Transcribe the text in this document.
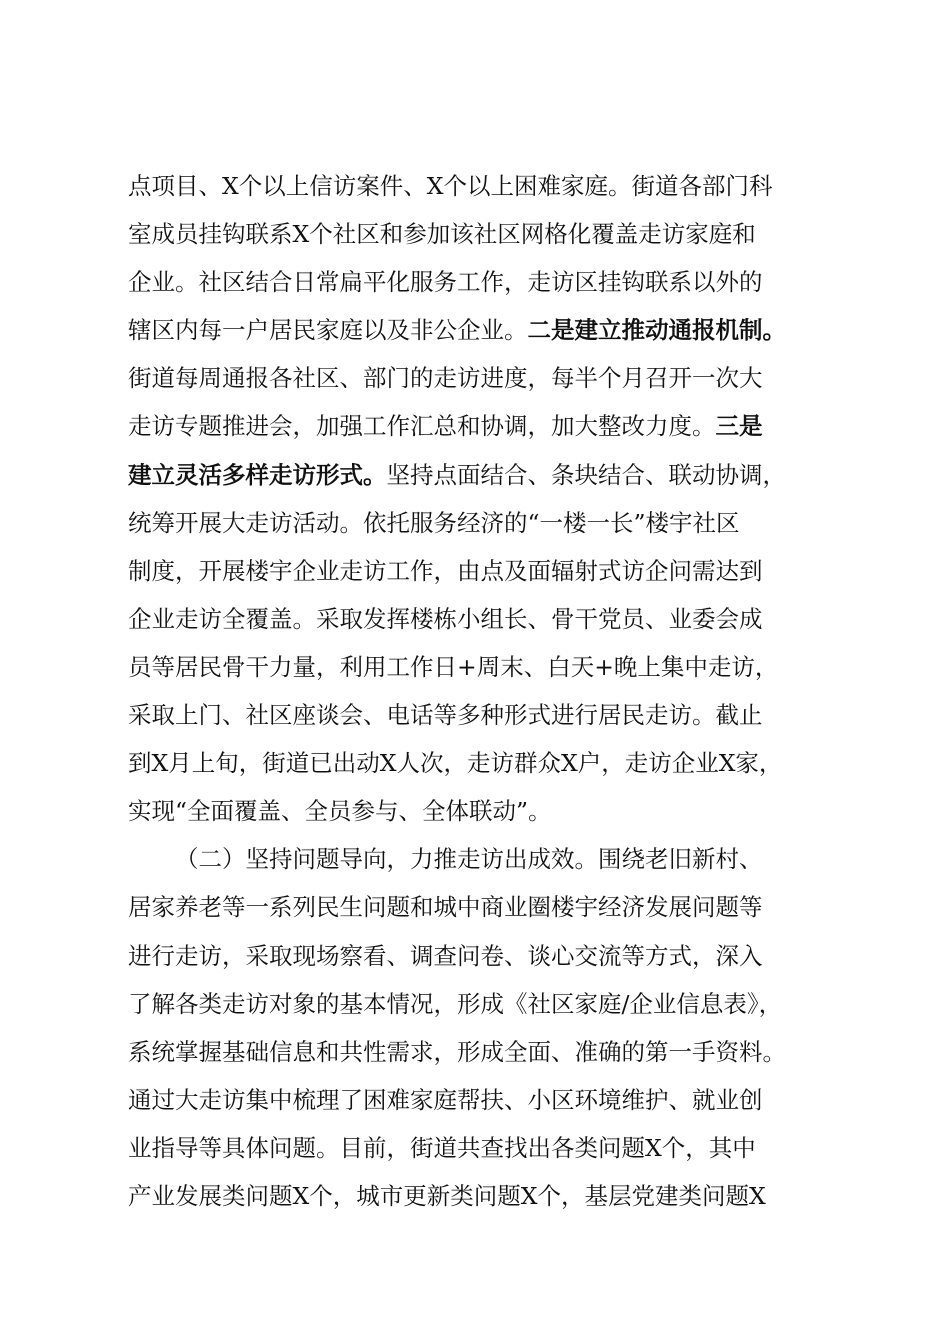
点项目、X个以上信访案件、X个以上困难家庭。街道各部门科
室成员挂钩联系X个社区和参加该社区网格化覆盖走访家庭和
企业。社区结合日常扁平化服务工作，走访区挂钩联系以外的
辖区内每一户居民家庭以及非公企业。二是建立推动通报机制。
街道每周通报各社区、部门的走访进度，每半个月召开一次大
走访专题推进会，加强工作汇总和协调，加大整改力度。三是
建立灵活多样走访形式。坚持点面结合、条块结合、联动协调，
统筹开展大走访活动。依托服务经济的“一楼一长”楼宇社区
制度，开展楼宇企业走访工作，由点及面辐射式访企问需达到
企业走访全覆盖。采取发挥楼栋小组长、骨干党员、业委会成
员等居民骨干力量，利用工作日+周末、白天+晚上集中走访，
采取上门、社区座谈会、电话等多种形式进行居民走访。截止
到X月上旬，街道已出动X人次，走访群众X户，走访企业X家，
实现“全面覆盖、全员参与、全体联动”。
（二）坚持问题导向，力推走访出成效。围绕老旧新村、
居家养老等一系列民生问题和城中商业圈楼宇经济发展问题等
进行走访，采取现场察看、调查问卷、谈心交流等方式，深入
了解各类走访对象的基本情况，形成《社区家庭/企业信息表》，
系统掌握基础信息和共性需求，形成全面、准确的第一手资料。
通过大走访集中梳理了困难家庭帮扶、小区环境维护、就业创
业指导等具体问题。目前，街道共查找出各类问题X个，其中
产业发展类问题X个，城市更新类问题X个，基层党建类问题X
